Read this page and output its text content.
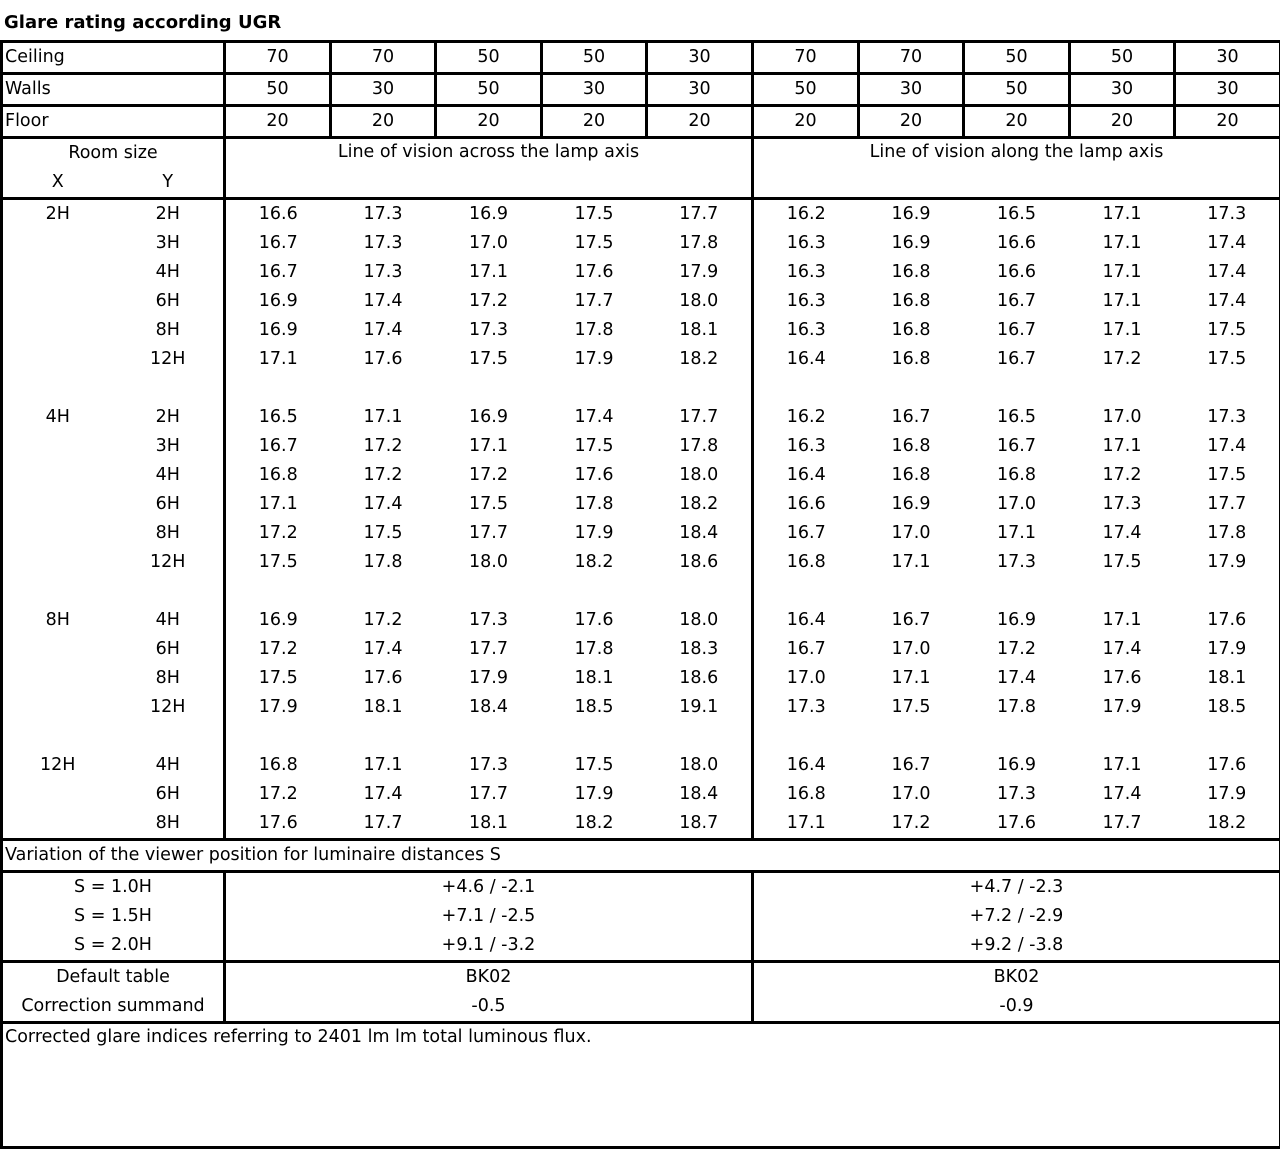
Glare rating according UGR
Ceiling		70	70	50	50	30	70	70	50	50	30
Walls		50	30	50	30	30	50	30	50	30	30
Floor		20	20	20	20	20	20	20	20	20	20
Room size		Line of vision across the lamp axis					Line of vision along the lamp axis				
X	Y										
2H	2H	16.6	17.3	16.9	17.5	17.7	16.2	16.9	16.5	17.1	17.3
	3H	16.7	17.3	17.0	17.5	17.8	16.3	16.9	16.6	17.1	17.4
	4H	16.7	17.3	17.1	17.6	17.9	16.3	16.8	16.6	17.1	17.4
	6H	16.9	17.4	17.2	17.7	18.0	16.3	16.8	16.7	17.1	17.4
	8H	16.9	17.4	17.3	17.8	18.1	16.3	16.8	16.7	17.1	17.5
	12H	17.1	17.6	17.5	17.9	18.2	16.4	16.8	16.7	17.2	17.5

4H	2H	16.5	17.1	16.9	17.4	17.7	16.2	16.7	16.5	17.0	17.3
	3H	16.7	17.2	17.1	17.5	17.8	16.3	16.8	16.7	17.1	17.4
	4H	16.8	17.2	17.2	17.6	18.0	16.4	16.8	16.8	17.2	17.5
	6H	17.1	17.4	17.5	17.8	18.2	16.6	16.9	17.0	17.3	17.7
	8H	17.2	17.5	17.7	17.9	18.4	16.7	17.0	17.1	17.4	17.8
	12H	17.5	17.8	18.0	18.2	18.6	16.8	17.1	17.3	17.5	17.9

8H	4H	16.9	17.2	17.3	17.6	18.0	16.4	16.7	16.9	17.1	17.6
	6H	17.2	17.4	17.7	17.8	18.3	16.7	17.0	17.2	17.4	17.9
	8H	17.5	17.6	17.9	18.1	18.6	17.0	17.1	17.4	17.6	18.1
	12H	17.9	18.1	18.4	18.5	19.1	17.3	17.5	17.8	17.9	18.5

12H	4H	16.8	17.1	17.3	17.5	18.0	16.4	16.7	16.9	17.1	17.6
	6H	17.2	17.4	17.7	17.9	18.4	16.8	17.0	17.3	17.4	17.9
	8H	17.6	17.7	18.1	18.2	18.7	17.1	17.2	17.6	17.7	18.2
Variation of the viewer position for luminaire distances S											
S = 1.0H		+4.6 / -2.1					+4.7 / -2.3				
S = 1.5H		+7.1 / -2.5					+7.2 / -2.9				
S = 2.0H		+9.1 / -3.2					+9.2 / -3.8				
Default table		BK02					BK02				
Correction summand		-0.5					-0.9				
Corrected glare indices referring to 2401 lm lm total luminous flux.											
